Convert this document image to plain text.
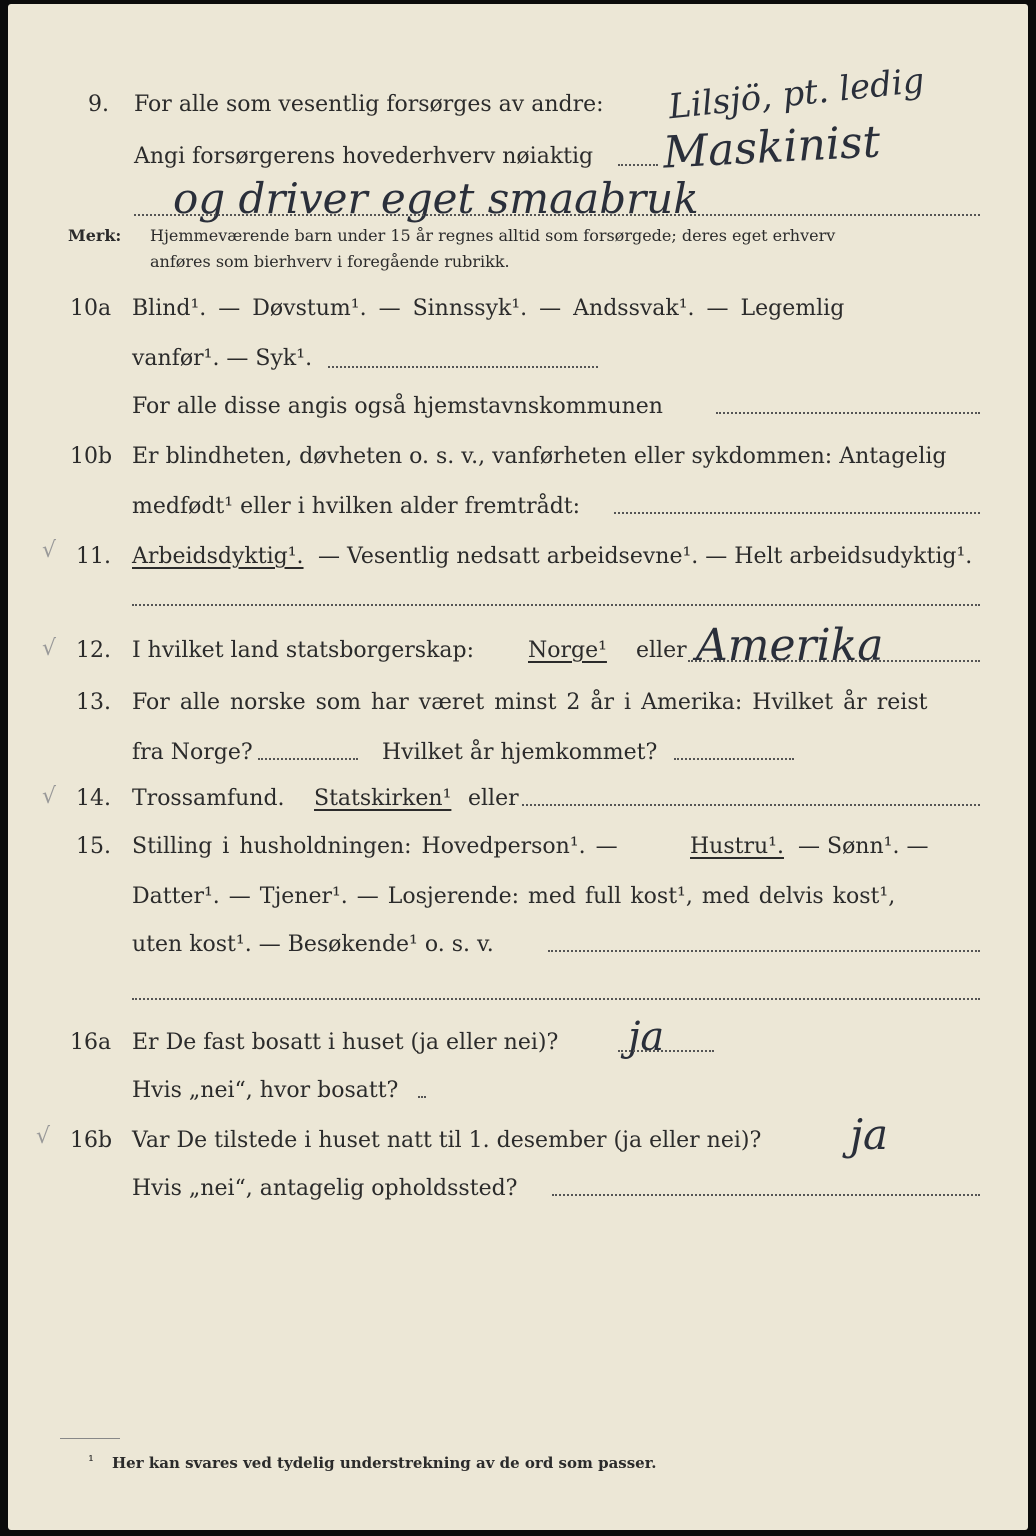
9. For alle som vesentlig forsørges av andre: Lilsjö, pt. ledig
Angi forsørgerens hovederhverv nøiaktig Maskinist
og driver eget smaabruk
Merk: Hjemmeværende barn under 15 år regnes alltid som forsørgede; deres eget erhverv
anføres som bierhverv i foregående rubrikk.
10a Blind¹. — Døvstum¹. — Sinnssyk¹. — Andssvak¹. — Legemlig
vanfør¹. — Syk¹.
For alle disse angis også hjemstavnskommunen
10b Er blindheten, døvheten o. s. v., vanførheten eller sykdommen: Antagelig
medfødt¹ eller i hvilken alder fremtrådt:
√ 11. Arbeidsdyktig¹. — Vesentlig nedsatt arbeidsevne¹. — Helt arbeidsudyktig¹.
√ 12. I hvilket land statsborgerskap: Norge¹ eller Amerika
13. For alle norske som har været minst 2 år i Amerika: Hvilket år reist
fra Norge?	Hvilket år hjemkommet?
√ 14. Trossamfund. Statskirken¹ eller
15. Stilling i husholdningen: Hovedperson¹. —	Hustru¹. — Sønn¹. —
Datter¹. — Tjener¹. — Losjerende: med full kost¹, med delvis kost¹,
uten kost¹. — Besøkende¹ o. s. v.
16a Er De fast bosatt i huset (ja eller nei)? ja
Hvis „nei“, hvor bosatt?
√ 16b Var De tilstede i huset natt til 1. desember (ja eller nei)? ja
Hvis „nei“, antagelig opholdssted?
¹ Her kan svares ved tydelig understrekning av de ord som passer.
